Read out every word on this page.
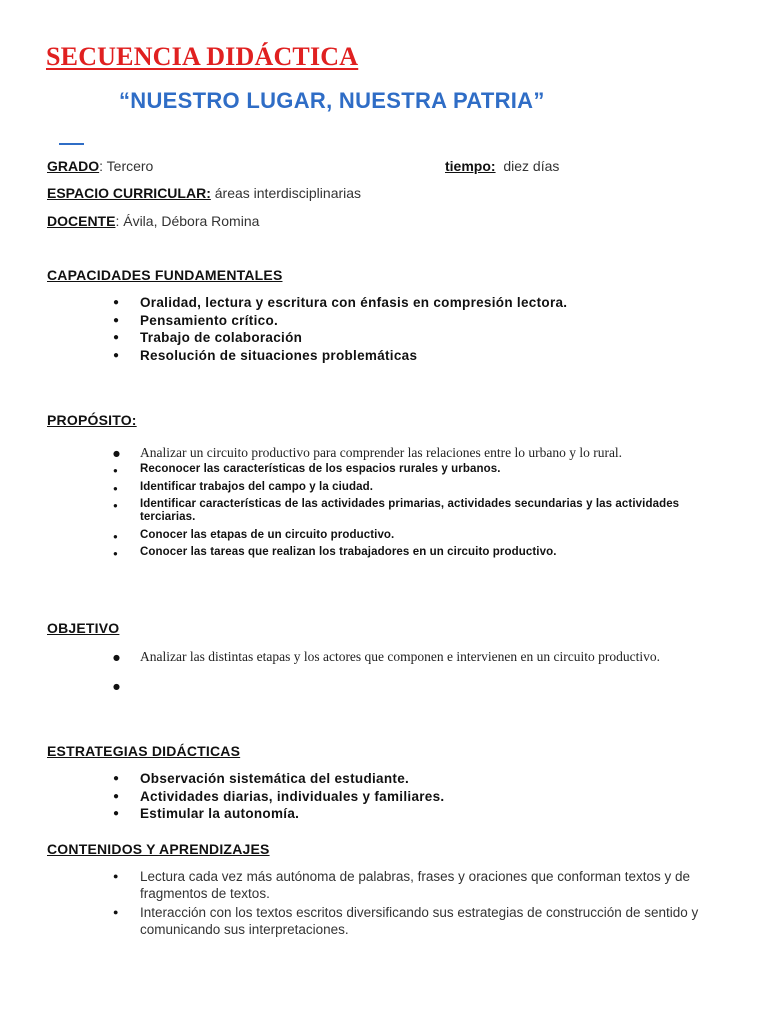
SECUENCIA DIDÁCTICA
“NUESTRO LUGAR, NUESTRA PATRIA”
GRADO: Tercero	tiempo: diez días
ESPACIO CURRICULAR: áreas interdisciplinarias
DOCENTE: Ávila, Débora Romina
CAPACIDADES FUNDAMENTALES
● Oralidad, lectura y escritura con énfasis en compresión lectora.
● Pensamiento crítico.
● Trabajo de colaboración
● Resolución de situaciones problemáticas
PROPÓSITO:
● Analizar un circuito productivo para comprender las relaciones entre lo urbano y lo rural.
● Reconocer las características de los espacios rurales y urbanos.
● Identificar trabajos del campo y la ciudad.
● Identificar características de las actividades primarias, actividades secundarias y las actividades terciarias.
● Conocer las etapas de un circuito productivo.
● Conocer las tareas que realizan los trabajadores en un circuito productivo.
OBJETIVO
● Analizar las distintas etapas y los actores que componen e intervienen en un circuito productivo.
●
ESTRATEGIAS DIDÁCTICAS
● Observación sistemática del estudiante.
● Actividades diarias, individuales y familiares.
● Estimular la autonomía.
CONTENIDOS Y APRENDIZAJES
● Lectura cada vez más autónoma de palabras, frases y oraciones que conforman textos y de fragmentos de textos.
● Interacción con los textos escritos diversificando sus estrategias de construcción de sentido y comunicando sus interpretaciones.
